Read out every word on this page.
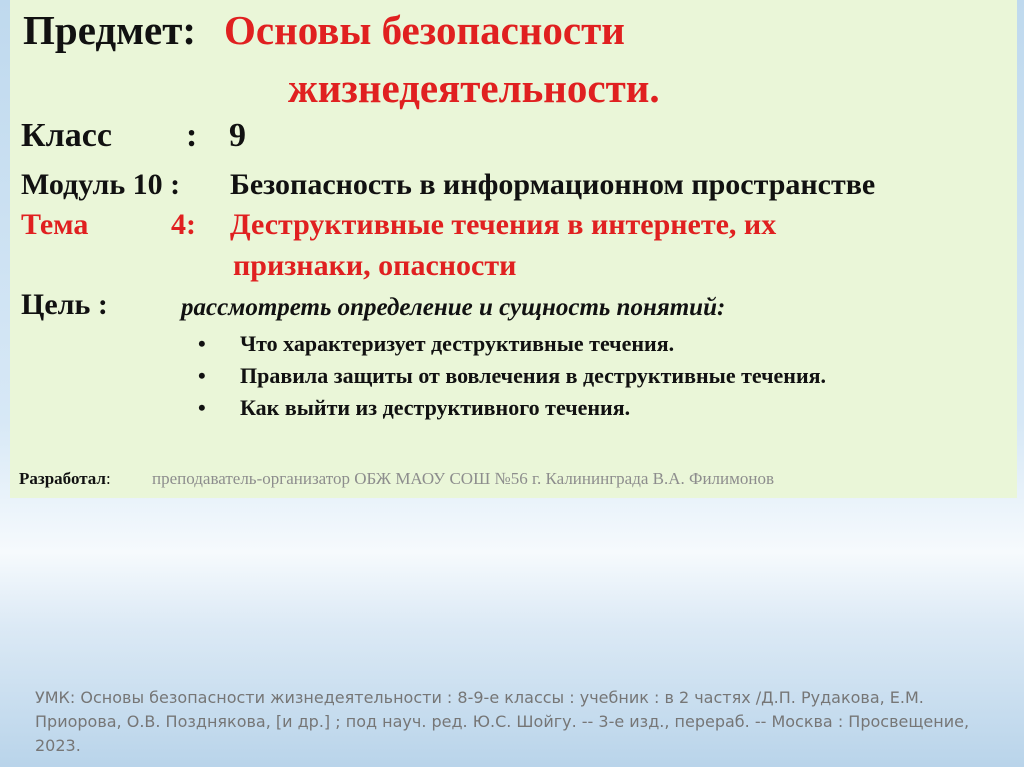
Предмет: Основы безопасности
жизнедеятельности.
Класс : 9
Модуль 10 : Безопасность в информационном пространстве
Тема	4: Деструктивные течения в интернете, их
признаки, опасности
Цель :	рассмотреть определение и сущность понятий:
• Что характеризует деструктивные течения.
• Правила защиты от вовлечения в деструктивные течения.
• Как выйти из деструктивного течения.
Разработал: преподаватель-организатор ОБЖ МАОУ СОШ №56 г. Калининграда В.А. Филимонов
УМК: Основы безопасности жизнедеятельности : 8-9-е классы : учебник : в 2 частях /Д.П. Рудакова, Е.М. Приорова, О.В. Позднякова, [и др.] ; под науч. ред. Ю.С. Шойгу. -- 3-е изд., перераб. -- Москва : Просвещение, 2023.
